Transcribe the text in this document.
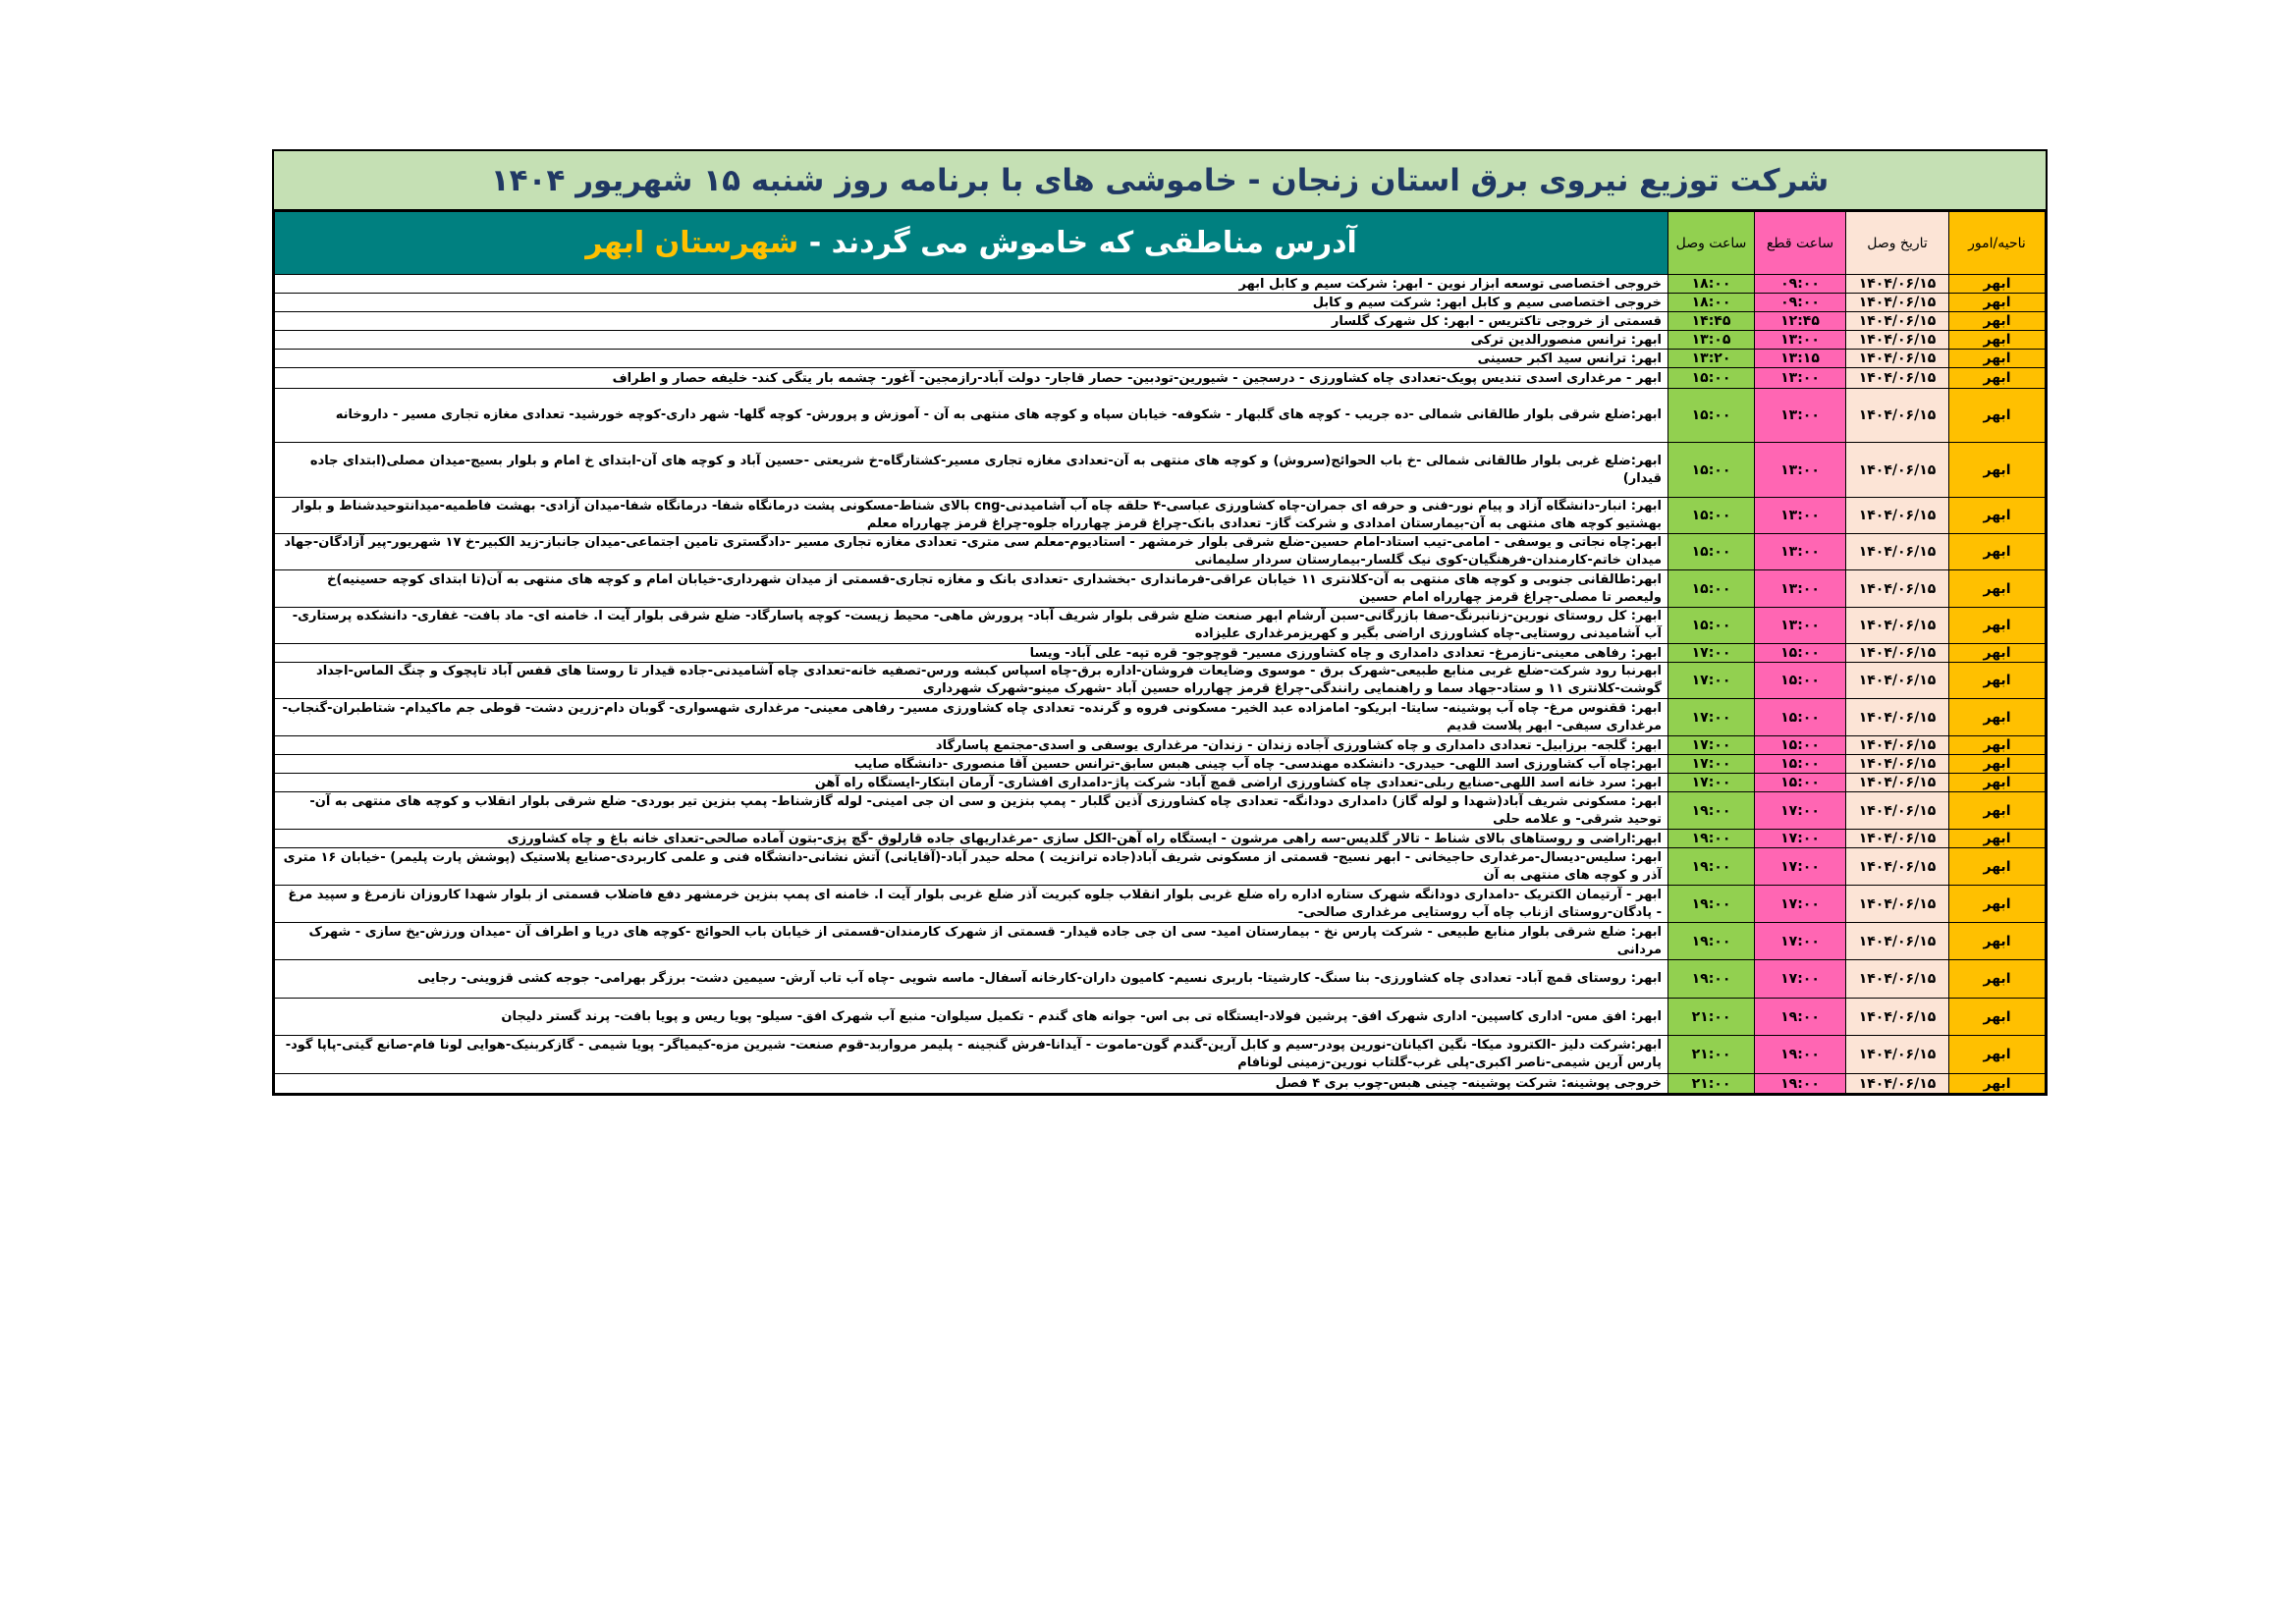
شرکت توزیع نیروی برق استان زنجان
-
خاموشی های با برنامه روز شنبه ۱۵ شهریور ۱۴۰۴
ناحیه/امور	تاریخ وصل	ساعت قطع	ساعت وصل	آدرس مناطقی که خاموش می گردند - شهرستان ابهر
ابهر	۱۴۰۴/۰۶/۱۵	۰۹:۰۰	۱۸:۰۰	خروجی اختصاصی توسعه ابزار نوین - ابهر: شرکت سیم و کابل ابهر
ابهر	۱۴۰۴/۰۶/۱۵	۰۹:۰۰	۱۸:۰۰	خروجی اختصاصی سیم و کابل ابهر: شرکت سیم و کابل
ابهر	۱۴۰۴/۰۶/۱۵	۱۲:۴۵	۱۴:۴۵	قسمتی از خروجی تاکتریس - ابهر: کل شهرک گلسار
ابهر	۱۴۰۴/۰۶/۱۵	۱۳:۰۰	۱۳:۰۵	ابهر: ترانس منصورالدین ترکی
ابهر	۱۴۰۴/۰۶/۱۵	۱۳:۱۵	۱۳:۲۰	ابهر: ترانس سید اکبر حسینی
ابهر	۱۴۰۴/۰۶/۱۵	۱۳:۰۰	۱۵:۰۰	ابهر - مرغداری اسدی تندیس پویک-تعدادی چاه کشاورزی - درسجین - شیورین-تودبین- حصار قاجار- دولت آباد-رازمجین- آغور- چشمه بار یتگی کند- خلیفه حصار و اطراف
ابهر	۱۴۰۴/۰۶/۱۵	۱۳:۰۰	۱۵:۰۰	ابهر:ضلع شرقی بلوار طالقانی شمالی -ده جریب - کوچه های گلبهار - شکوفه- خیابان سپاه و کوچه های منتهی به آن - آموزش و پرورش- کوچه گلها- شهر داری-کوچه خورشید- تعدادی مغازه تجاری مسیر - داروخانه
ابهر	۱۴۰۴/۰۶/۱۵	۱۳:۰۰	۱۵:۰۰	ابهر:ضلع غربی بلوار طالقانی شمالی -خ باب الحوائج(سروش) و کوچه های منتهی به آن-تعدادی مغازه تجاری مسیر-کشتارگاه-خ شریعتی -حسین آباد و کوچه های آن-ابتدای خ امام و بلوار بسیج-میدان مصلی(ابتدای جاده قیدار)
ابهر	۱۴۰۴/۰۶/۱۵	۱۳:۰۰	۱۵:۰۰	ابهر: انبار-دانشگاه آزاد و پیام نور-فنی و حرفه ای جمران-چاه کشاورزی عباسی-۴ حلقه چاه آب آشامیدنی-cng بالای شناط-مسکونی پشت درمانگاه شفا- درمانگاه شفا-میدان آزادی- بهشت فاطمیه-میدانتوحیدشناط و بلوار بهشتیو کوچه های منتهی به آن-بیمارستان امدادی و شرکت گاز- تعدادی بانک-چراغ قرمز چهارراه جلوه-چراغ قرمز چهارراه معلم
ابهر	۱۴۰۴/۰۶/۱۵	۱۳:۰۰	۱۵:۰۰	ابهر:چاه نجاتی و یوسفی - امامی-تیب استاد-امام حسین-ضلع شرقی بلوار خرمشهر - استادیوم-معلم سی متری- تعدادی مغازه تجاری مسیر -دادگستری تامین اجتماعی-میدان جانباز-زید الکبیر-خ ۱۷ شهریور-پیر آزادگان-جهاد میدان خاتم-کارمندان-فرهنگیان-کوی نیک گلسار-بیمارستان سردار سلیمانی
ابهر	۱۴۰۴/۰۶/۱۵	۱۳:۰۰	۱۵:۰۰	ابهر:طالقانی جنوبی و کوچه های منتهی به آن-کلانتری ۱۱ خیابان عراقی-فرمانداری -بخشداری -تعدادی بانک و مغازه تجاری-قسمتی از میدان شهرداری-خیابان امام و کوچه های منتهی به آن(تا ابتدای کوچه حسینیه)خ ولیعصر تا مصلی-چراغ قرمز چهارراه امام حسین
ابهر	۱۴۰۴/۰۶/۱۵	۱۳:۰۰	۱۵:۰۰	ابهر: کل روستای نورین-زنانبرنگ-صفا بازرگانی-سبن آرشام ابهر صنعت ضلع شرقی بلوار شریف آباد- پرورش ماهی- محیط زیست- کوچه پاسارگاد- ضلع شرقی بلوار آیت ا. خامنه ای- ماد بافت- غفاری- دانشکده پرستاری-آب آشامیدنی روستایی-چاه کشاورزی اراضی بگیر و کهریزمرغداری علیزاده
ابهر	۱۴۰۴/۰۶/۱۵	۱۵:۰۰	۱۷:۰۰	ابهر: رفاهی معینی-نازمرغ- تعدادی دامداری و چاه کشاورزی مسیر- قوچوجو- قره تپه- علی آباد- ویسا
ابهر	۱۴۰۴/۰۶/۱۵	۱۵:۰۰	۱۷:۰۰	ابهرنبا رود شرکت-ضلع غربی منابع طبیعی-شهرک برق - موسوی وضایعات فروشان-اداره برق-چاه اسپاس کبشه ورس-تصفیه خانه-تعدادی چاه آشامیدنی-جاده قیدار تا روستا های قفس آباد تاپچوک و چنگ الماس-اجداد گوشت-کلانتری ۱۱ و ستاد-جهاد سما و راهنمایی رانندگی-چراغ قرمز چهارراه حسین آباد -شهرک مینو-شهرک شهرداری
ابهر	۱۴۰۴/۰۶/۱۵	۱۵:۰۰	۱۷:۰۰	ابهر: ققنوس مرغ- چاه آب پوشینه- سایتا- ابریکو- امامزاده عبد الخیر- مسکونی فروه و گرنده- تعدادی چاه کشاورزی مسیر- رفاهی معینی- مرغداری شهسواری- گوبان دام-زرین دشت- قوطی جم ماکیدام- شتاطبران-گنجاب-مرغداری سیفی- ابهر پلاست قدیم
ابهر	۱۴۰۴/۰۶/۱۵	۱۵:۰۰	۱۷:۰۰	ابهر: گلجه- برزابیل- تعدادی دامداری و چاه کشاورزی آجاده زندان - زندان- مرغداری یوسفی و اسدی-مجتمع پاسارگاد
ابهر	۱۴۰۴/۰۶/۱۵	۱۵:۰۰	۱۷:۰۰	ابهر:چاه آب کشاورزی اسد اللهی- حیدری- دانشکده مهندسی- چاه آب چینی هبس سابق-ترانس حسین آقا منصوری -دانشگاه صایب
ابهر	۱۴۰۴/۰۶/۱۵	۱۵:۰۰	۱۷:۰۰	ابهر: سرد خانه اسد اللهی-صنایع ربلی-تعدادی چاه کشاورزی اراضی قمچ آباد- شرکت پاژ-دامداری افشاری- آرمان ابتکار-ایستگاه راه آهن
ابهر	۱۴۰۴/۰۶/۱۵	۱۷:۰۰	۱۹:۰۰	ابهر: مسکونی شریف آباد(شهدا و لوله گاز) دامداری دودانگه- تعدادی چاه کشاورزی آذین گلبار - پمپ بنزین و سی ان جی امینی- لوله گازشناط- پمپ بنزین تیر بوردی- ضلع شرقی بلوار انقلاب و کوچه های منتهی به آن- توحید شرقی- و علامه حلی
ابهر	۱۴۰۴/۰۶/۱۵	۱۷:۰۰	۱۹:۰۰	ابهر:اراضی و روستاهای بالای شناط - تالار گلدیس-سه راهی مرشون - ایستگاه راه آهن-الکل سازی -مرغداریهای جاده قارلوق -گچ پزی-بتون آماده صالحی-تعدای خانه باغ و چاه کشاورزی
ابهر	۱۴۰۴/۰۶/۱۵	۱۷:۰۰	۱۹:۰۰	ابهر: سلیس-دیسال-مرغداری حاجیخانی - ابهر نسیج- قسمتی از مسکونی شریف آباد(جاده ترانزیت ) محله حیدر آباد-(آقایانی) آتش نشانی-دانشگاه فنی و علمی کاربردی-صنایع پلاستیک (پوشش پارت پلیمر) -خیابان ۱۶ متری آذر و کوچه های منتهی به آن
ابهر	۱۴۰۴/۰۶/۱۵	۱۷:۰۰	۱۹:۰۰	ابهر - آرتیمان الکتریک -دامداری دودانگه شهرک ستاره اداره راه ضلع غربی بلوار انقلاب جلوه کبریت آذر ضلع غربی بلوار آیت ا. خامنه ای پمپ بنزین خرمشهر دفع فاضلاب قسمتی از بلوار شهدا کاروزان نازمرغ و سپید مرغ - پادگان-روستای ازناب چاه آب روستایی مرغداری صالحی-
ابهر	۱۴۰۴/۰۶/۱۵	۱۷:۰۰	۱۹:۰۰	ابهر: ضلع شرقی بلوار منابع طبیعی - شرکت پارس نخ - بیمارستان امید- سی ان جی جاده قیدار- قسمتی از شهرک کارمندان-قسمتی از خیابان باب الحوائج -کوچه های دریا و اطراف آن -میدان ورزش-یخ سازی - شهرک مردانی
ابهر	۱۴۰۴/۰۶/۱۵	۱۷:۰۰	۱۹:۰۰	ابهر: روستای قمچ آباد- تعدادی چاه کشاورزی- بنا سنگ- کارشیتا- باربری نسیم- کامیون داران-کارخانه آسفال- ماسه شویی -چاه آب تاب آرش- سیمین دشت- برزگر بهرامی- جوجه کشی قزوینی- رجایی
ابهر	۱۴۰۴/۰۶/۱۵	۱۹:۰۰	۲۱:۰۰	ابهر: افق مس- اداری کاسپین- اداری شهرک افق- پرشین فولاد-ایستگاه تی بی اس- جوانه های گندم - تکمیل سیلوان- منبع آب شهرک افق- سیلو- پویا ریس و پویا بافت- پرند گستر دلیجان
ابهر	۱۴۰۴/۰۶/۱۵	۱۹:۰۰	۲۱:۰۰	ابهر:شرکت دلیز -الکترود میکا- نگین اکیانان-نورین پودر-سیم و کابل آرین-گندم گون-ماموت - آیدانا-فرش گنجینه - پلیمر مرواربد-قوم صنعت- شیرین مزه-کیمیاگر- پویا شیمی - گازکربنیک-هوایی لونا فام-صانع گیتی-پاپا گود-پارس آرین شیمی-ناصر اکبری-پلی غرب-گلتاب نورین-زمینی لونافام
ابهر	۱۴۰۴/۰۶/۱۵	۱۹:۰۰	۲۱:۰۰	خروجی پوشینه: شرکت پوشینه- چینی هبس-چوب بری ۴ فصل
